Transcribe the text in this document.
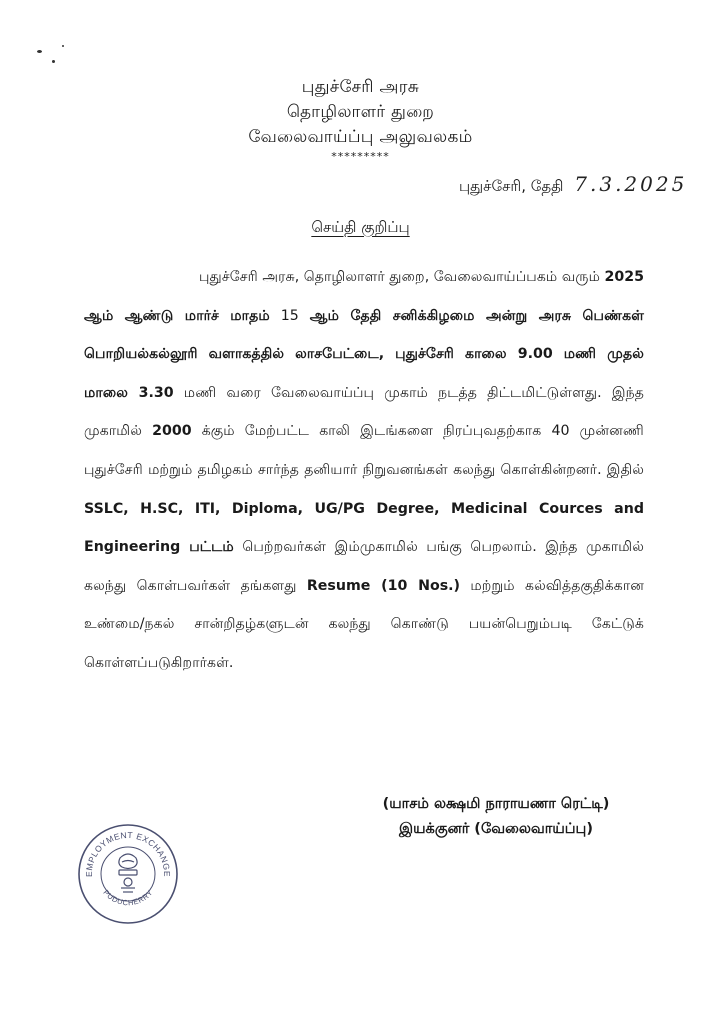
புதுச்சேரி அரசு
தொழிலாளர் துறை
வேலைவாய்ப்பு அலுவலகம்
*********
புதுச்சேரி, தேதி 7.3.2025
செய்தி குறிப்பு

புதுச்சேரி அரசு, தொழிலாளர் துறை, வேலைவாய்ப்பகம் வரும் 2025 ஆம் ஆண்டு மார்ச் மாதம் 15 ஆம் தேதி சனிக்கிழமை அன்று அரசு பெண்கள் பொறியல்கல்லூரி வளாகத்தில் லாசபேட்டை, புதுச்சேரி காலை 9.00 மணி முதல் மாலை 3.30 மணி வரை வேலைவாய்ப்பு முகாம் நடத்த திட்டமிட்டுள்ளது. இந்த முகாமில் 2000 க்கும் மேற்பட்ட காலி இடங்களை நிரப்புவதற்காக 40 முன்னணி புதுச்சேரி மற்றும் தமிழகம் சார்ந்த தனியார் நிறுவனங்கள் கலந்து கொள்கின்றனர். இதில் SSLC, H.SC, ITI, Diploma, UG/PG Degree, Medicinal Cources and Engineering பட்டம் பெற்றவர்கள் இம்முகாமில் பங்கு பெறலாம். இந்த முகாமில் கலந்து கொள்பவர்கள் தங்களது Resume (10 Nos.) மற்றும் கல்வித்தகுதிக்கான உண்மை/நகல் சான்றிதழ்களுடன் கலந்து கொண்டு பயன்பெறும்படி கேட்டுக் கொள்ளப்படுகிறார்கள்.

(யாசம் லக்ஷமி நாராயணா ரெட்டி)
இயக்குனர் (வேலைவாய்ப்பு)
EMPLOYMENT EXCHANGE
PUDUCHERRY
